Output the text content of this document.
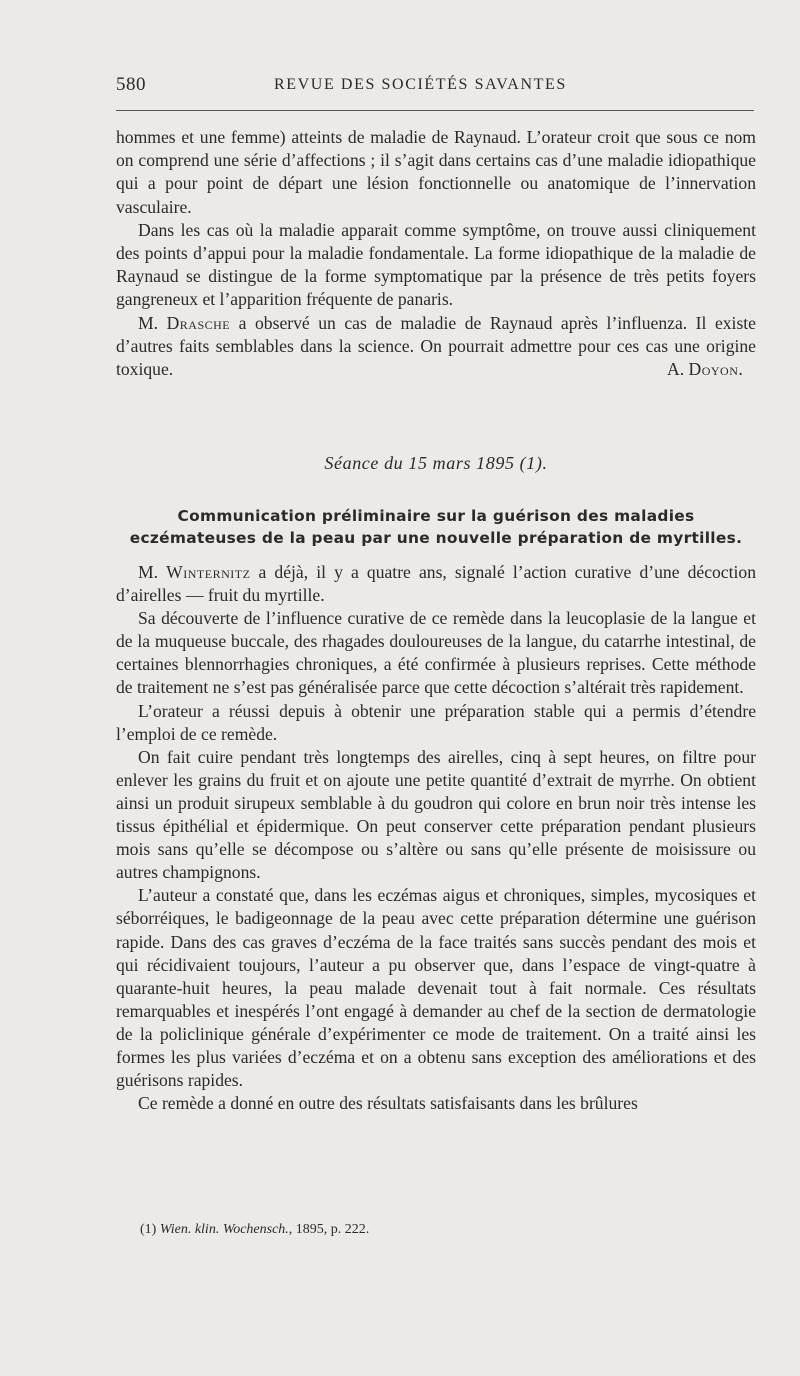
580	REVUE DES SOCIÉTÉS SAVANTES

hommes et une femme) atteints de maladie de Raynaud. L’orateur croit que sous ce nom on comprend une série d’affections ; il s’agit dans certains cas d’une maladie idiopathique qui a pour point de départ une lésion fonctionnelle ou anatomique de l’innervation vasculaire.

Dans les cas où la maladie apparait comme symptôme, on trouve aussi cliniquement des points d’appui pour la maladie fondamentale. La forme idiopathique de la maladie de Raynaud se distingue de la forme symptomatique par la présence de très petits foyers gangreneux et l’apparition fréquente de panaris.

M. Drasche a observé un cas de maladie de Raynaud après l’influenza. Il existe d’autres faits semblables dans la science. On pourrait admettre pour ces cas une origine toxique.	A. Doyon.

Séance du 15 mars 1895 (1).
Communication préliminaire sur la guérison des maladies eczémateuses de la peau par une nouvelle préparation de myrtilles.

M. Winternitz a déjà, il y a quatre ans, signalé l’action curative d’une décoction d’airelles — fruit du myrtille.

Sa découverte de l’influence curative de ce remède dans la leucoplasie de la langue et de la muqueuse buccale, des rhagades douloureuses de la langue, du catarrhe intestinal, de certaines blennorrhagies chroniques, a été confirmée à plusieurs reprises. Cette méthode de traitement ne s’est pas généralisée parce que cette décoction s’altérait très rapidement.

L’orateur a réussi depuis à obtenir une préparation stable qui a permis d’étendre l’emploi de ce remède.

On fait cuire pendant très longtemps des airelles, cinq à sept heures, on filtre pour enlever les grains du fruit et on ajoute une petite quantité d’extrait de myrrhe. On obtient ainsi un produit sirupeux semblable à du goudron qui colore en brun noir très intense les tissus épithélial et épidermique. On peut conserver cette préparation pendant plusieurs mois sans qu’elle se décompose ou s’altère ou sans qu’elle présente de moisissure ou autres champignons.

L’auteur a constaté que, dans les eczémas aigus et chroniques, simples, mycosiques et séborréiques, le badigeonnage de la peau avec cette préparation détermine une guérison rapide. Dans des cas graves d’eczéma de la face traités sans succès pendant des mois et qui récidivaient toujours, l’auteur a pu observer que, dans l’espace de vingt-quatre à quarante-huit heures, la peau malade devenait tout à fait normale. Ces résultats remarquables et inespérés l’ont engagé à demander au chef de la section de dermatologie de la policlinique générale d’expérimenter ce mode de traitement. On a traité ainsi les formes les plus variées d’eczéma et on a obtenu sans exception des améliorations et des guérisons rapides.

Ce remède a donné en outre des résultats satisfaisants dans les brûlures

(1) Wien. klin. Wochensch., 1895, p. 222.
